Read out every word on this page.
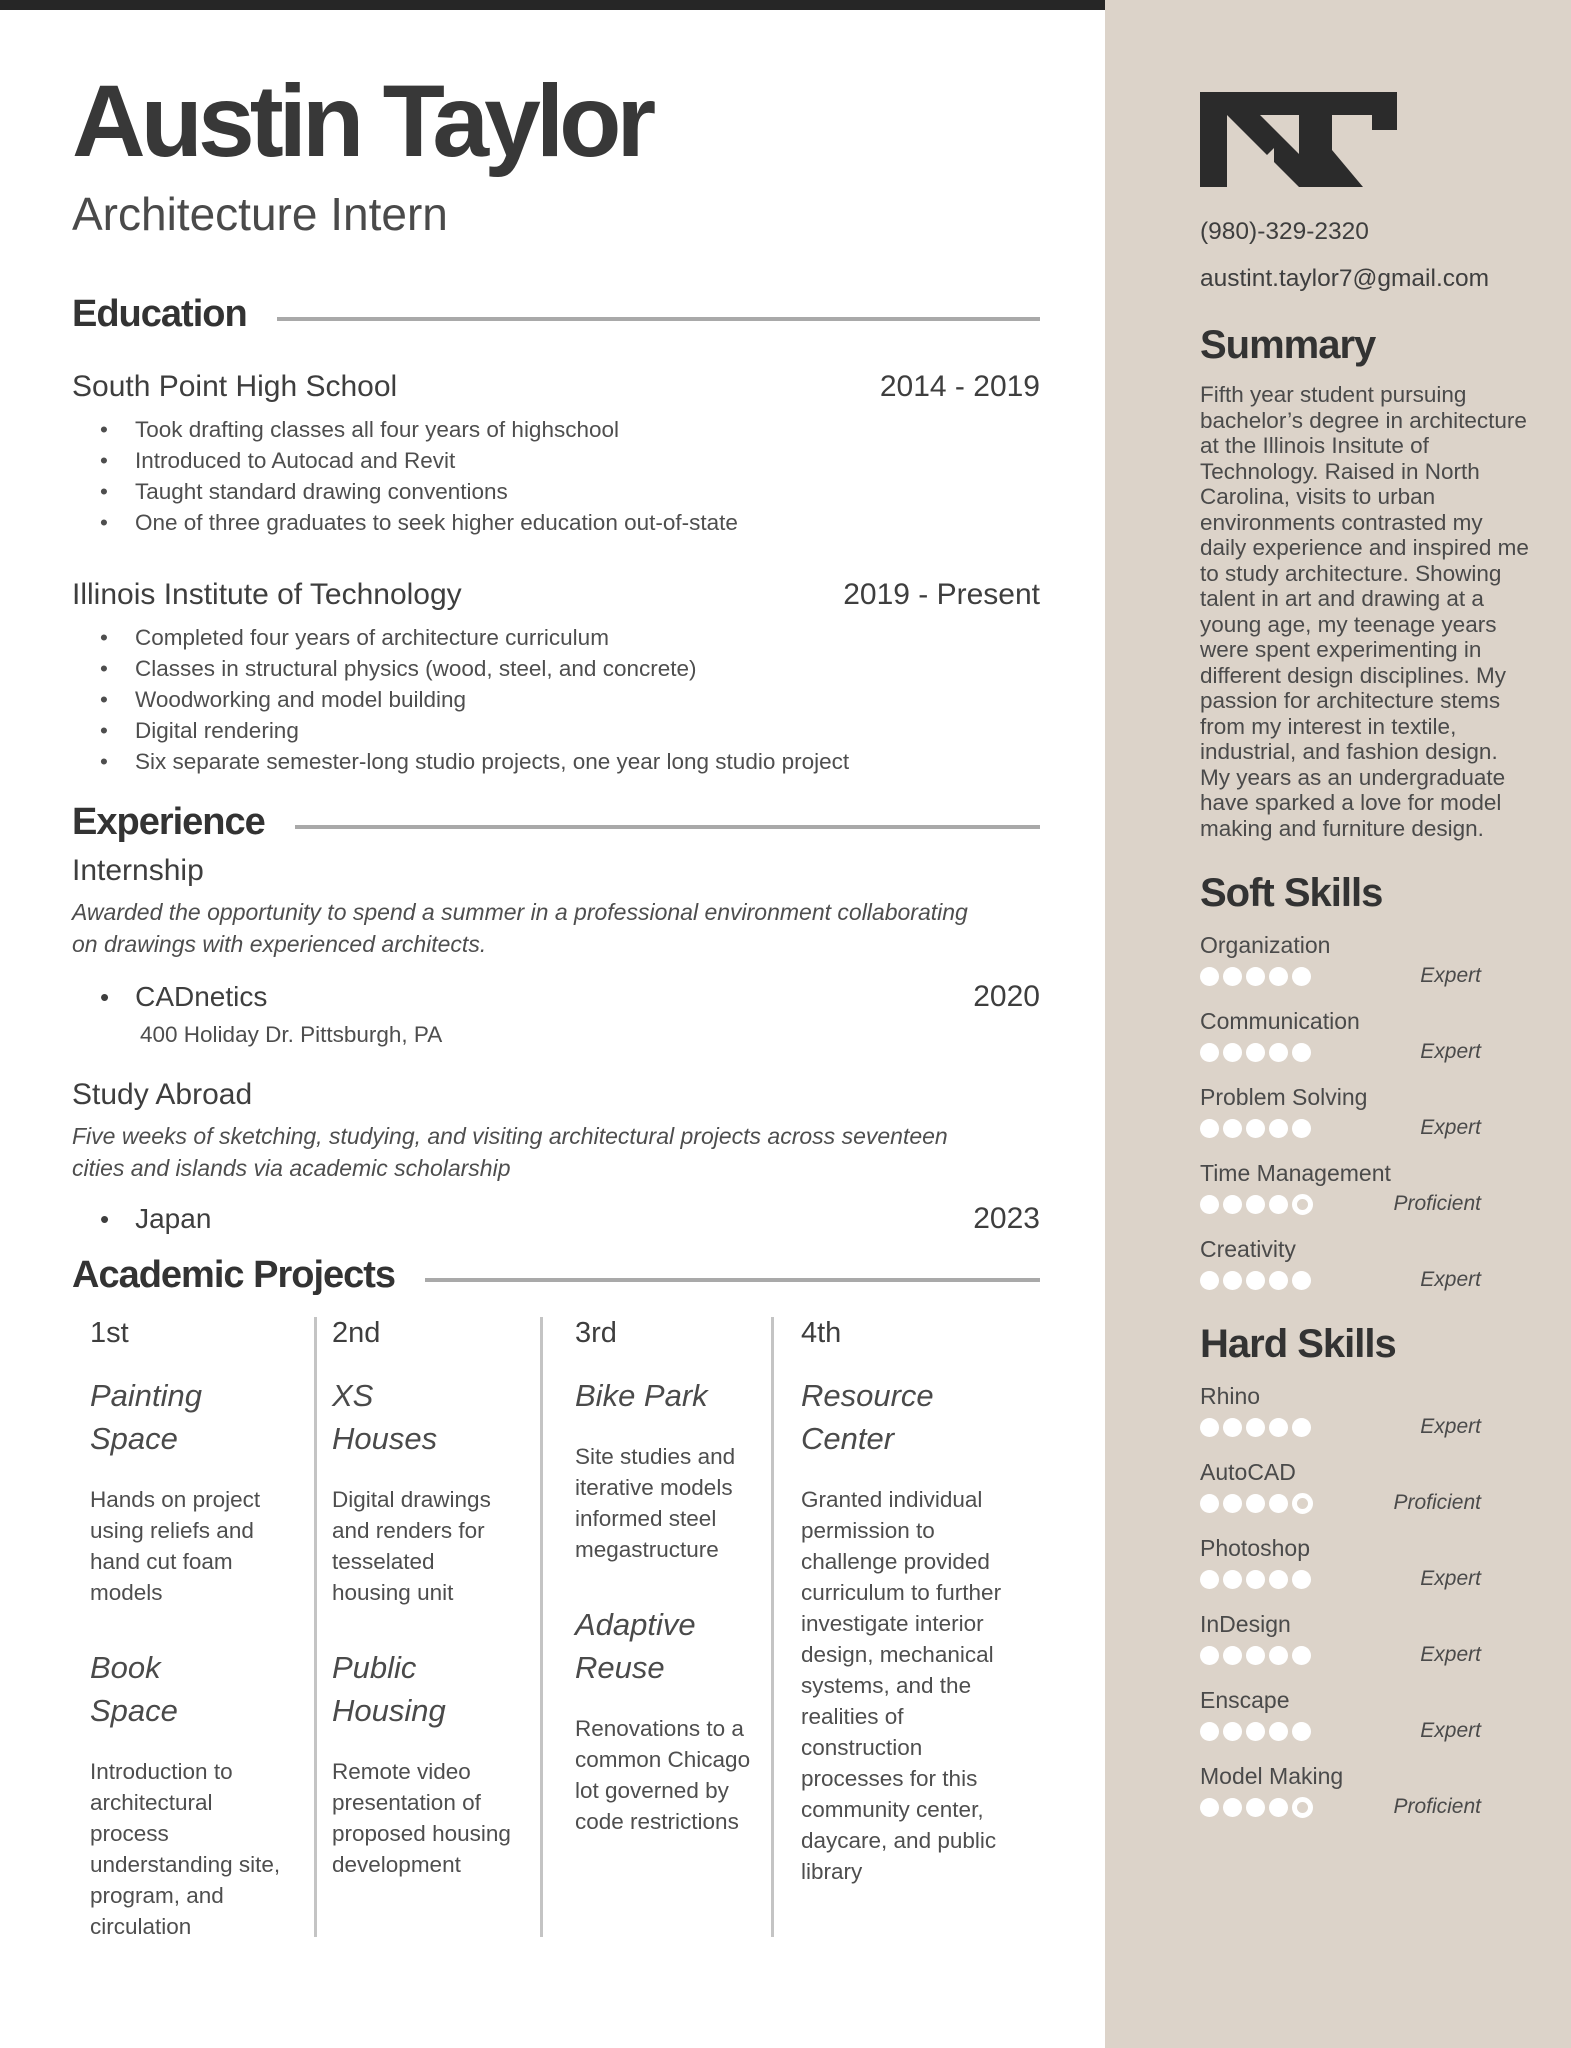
Austin Taylor
Architecture Intern
Education
South Point High School	2014 - 2019
• Took drafting classes all four years of highschool
• Introduced to Autocad and Revit
• Taught standard drawing conventions
• One of three graduates to seek higher education out-of-state
Illinois Institute of Technology	2019 - Present
• Completed four years of architecture curriculum
• Classes in structural physics (wood, steel, and concrete)
• Woodworking and model building
• Digital rendering
• Six separate semester-long studio projects, one year long studio project
Experience
Internship

Awarded the opportunity to spend a summer in a professional environment collaborating on drawings with experienced architects.

• CADnetics	2020
400 Holiday Dr. Pittsburgh, PA
Study Abroad

Five weeks of sketching, studying, and visiting architectural projects across seventeen cities and islands via academic scholarship

• Japan	2023
Academic Projects
1st
Painting Space
Hands on project using reliefs and hand cut foam models
Book Space
Introduction to architectural process understanding site, program, and circulation
2nd
XS Houses
Digital drawings and renders for tesselated housing unit
Public Housing
Remote video presentation of proposed housing development
3rd
Bike Park
Site studies and iterative models informed steel megastructure
Adaptive Reuse
Renovations to a common Chicago lot governed by code restrictions
4th
Resource Center
Granted individual permission to challenge provided curriculum to further investigate interior design, mechanical systems, and the realities of construction processes for this community center, daycare, and public library
(980)-329-2320
austint.taylor7@gmail.com
Summary

Fifth year student pursuing bachelor’s degree in architecture at the Illinois Insitute of Technology. Raised in North Carolina, visits to urban environments contrasted my daily experience and inspired me to study architecture. Showing talent in art and drawing at a young age, my teenage years were spent experimenting in different design disciplines. My passion for architecture stems from my interest in textile, industrial, and fashion design. My years as an undergraduate have sparked a love for model making and furniture design.

Soft Skills
Organization
Expert
Communication
Expert
Problem Solving
Expert
Time Management
Proficient
Creativity
Expert
Hard Skills
Rhino
Expert
AutoCAD
Proficient
Photoshop
Expert
InDesign
Expert
Enscape
Expert
Model Making
Proficient
